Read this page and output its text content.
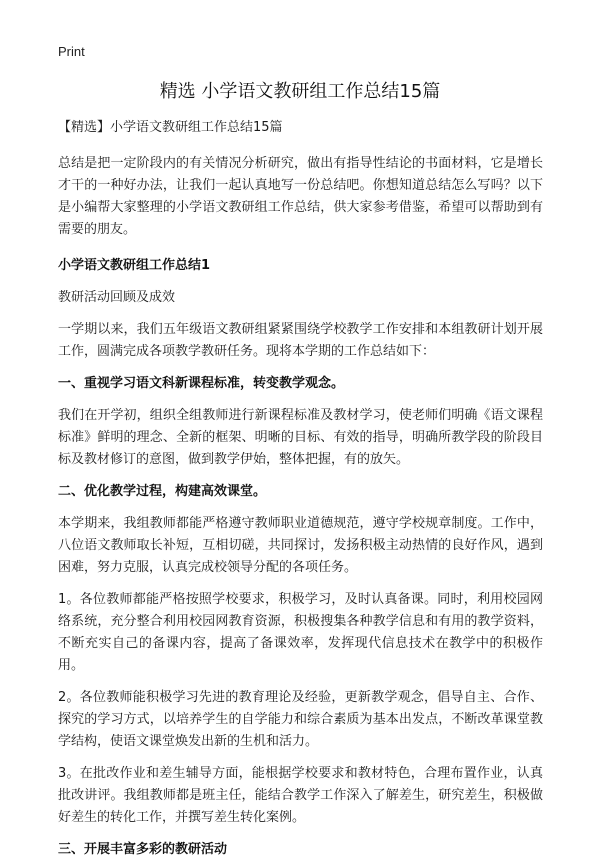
Print
精选 小学语文教研组工作总结15篇

【精选】小学语文教研组工作总结15篇

总结是把一定阶段内的有关情况分析研究，做出有指导性结论的书面材料，它是增长才干的一种好办法，让我们一起认真地写一份总结吧。你想知道总结怎么写吗？以下是小编帮大家整理的小学语文教研组工作总结，供大家参考借鉴，希望可以帮助到有需要的朋友。

小学语文教研组工作总结1

教研活动回顾及成效

一学期以来，我们五年级语文教研组紧紧围绕学校教学工作安排和本组教研计划开展工作，圆满完成各项教学教研任务。现将本学期的工作总结如下：

一、重视学习语文科新课程标准，转变教学观念。

我们在开学初，组织全组教师进行新课程标准及教材学习，使老师们明确《语文课程标准》鲜明的理念、全新的框架、明晰的目标、有效的指导，明确所教学段的阶段目标及教材修订的意图，做到教学伊始，整体把握，有的放矢。

二、优化教学过程，构建高效课堂。

本学期来，我组教师都能严格遵守教师职业道德规范，遵守学校规章制度。工作中，八位语文教师取长补短，互相切磋，共同探讨，发扬积极主动热情的良好作风，遇到困难，努力克服，认真完成校领导分配的各项任务。

1。各位教师都能严格按照学校要求，积极学习，及时认真备课。同时，利用校园网络系统，充分整合利用校园网教育资源，积极搜集各种教学信息和有用的教学资料，不断充实自己的备课内容，提高了备课效率，发挥现代信息技术在教学中的积极作用。

2。各位教师能积极学习先进的教育理论及经验，更新教学观念，倡导自主、合作、探究的学习方式，以培养学生的自学能力和综合素质为基本出发点，不断改革课堂教学结构，使语文课堂焕发出新的生机和活力。

3。在批改作业和差生辅导方面，能根据学校要求和教材特色，合理布置作业，认真批改讲评。我组教师都是班主任，能结合教学工作深入了解差生，研究差生，积极做好差生的转化工作，并撰写差生转化案例。

三、开展丰富多彩的教研活动
